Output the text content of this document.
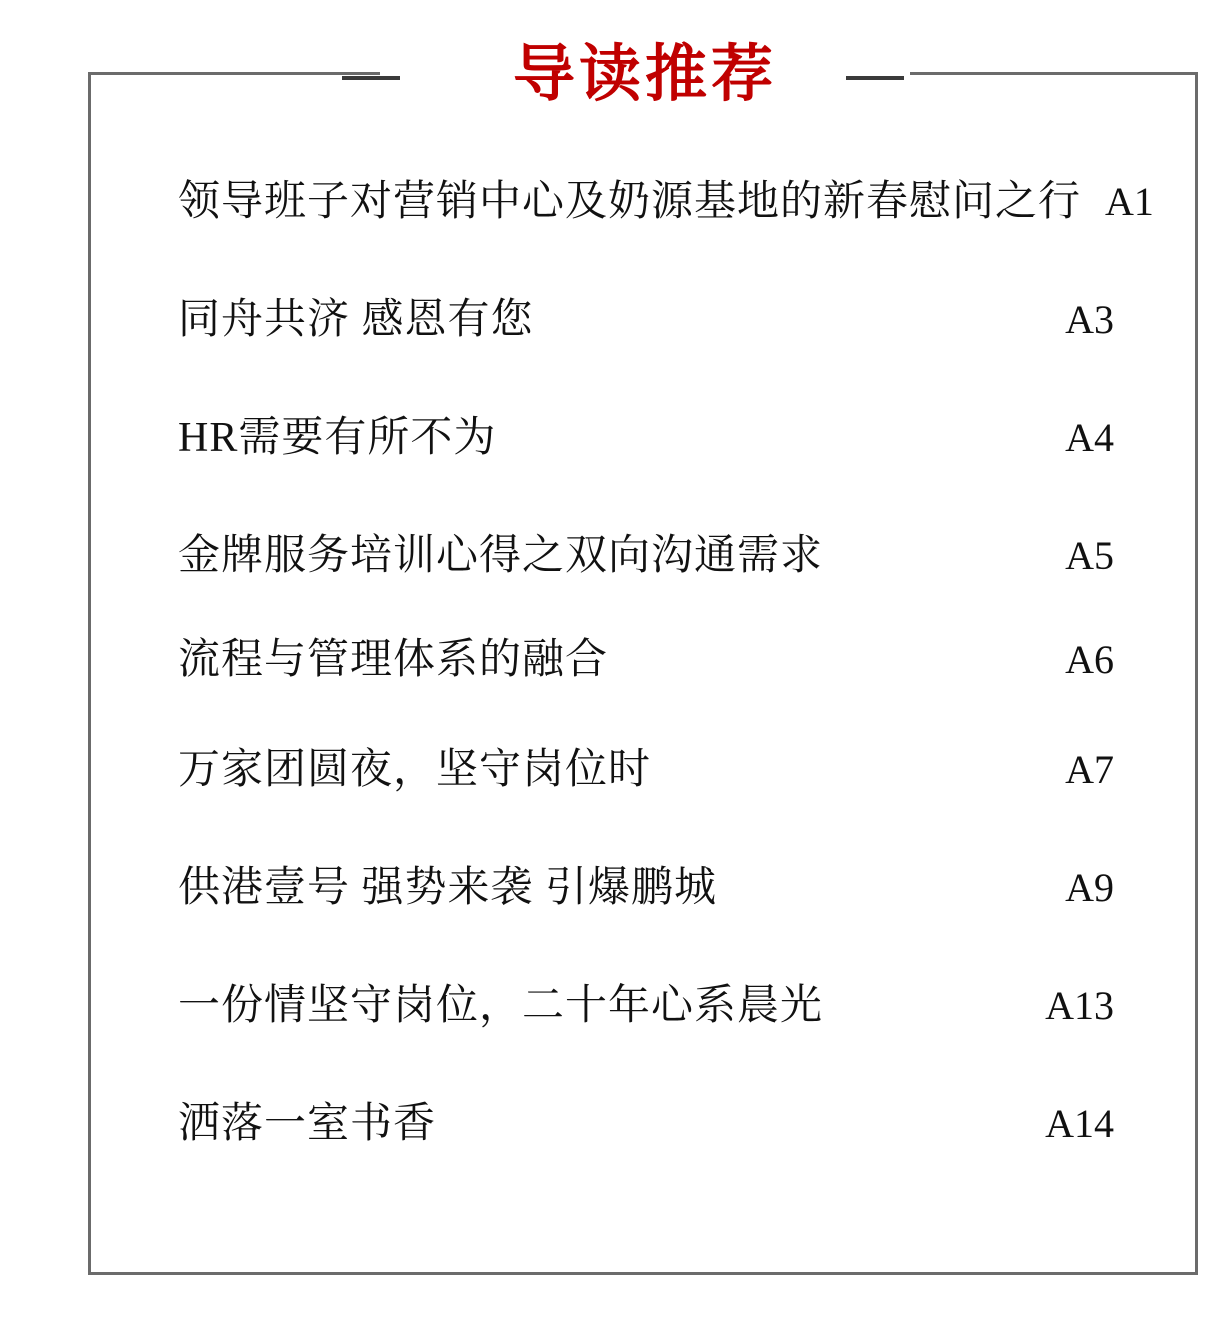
导读推荐
领导班子对营销中心及奶源基地的新春慰问之行 A1
同舟共济 感恩有您	A3
HR需要有所不为	A4
金牌服务培训心得之双向沟通需求	A5
流程与管理体系的融合	A6
万家团圆夜，坚守岗位时	A7
供港壹号 强势来袭 引爆鹏城	A9
一份情坚守岗位，二十年心系晨光	A13
洒落一室书香	A14
